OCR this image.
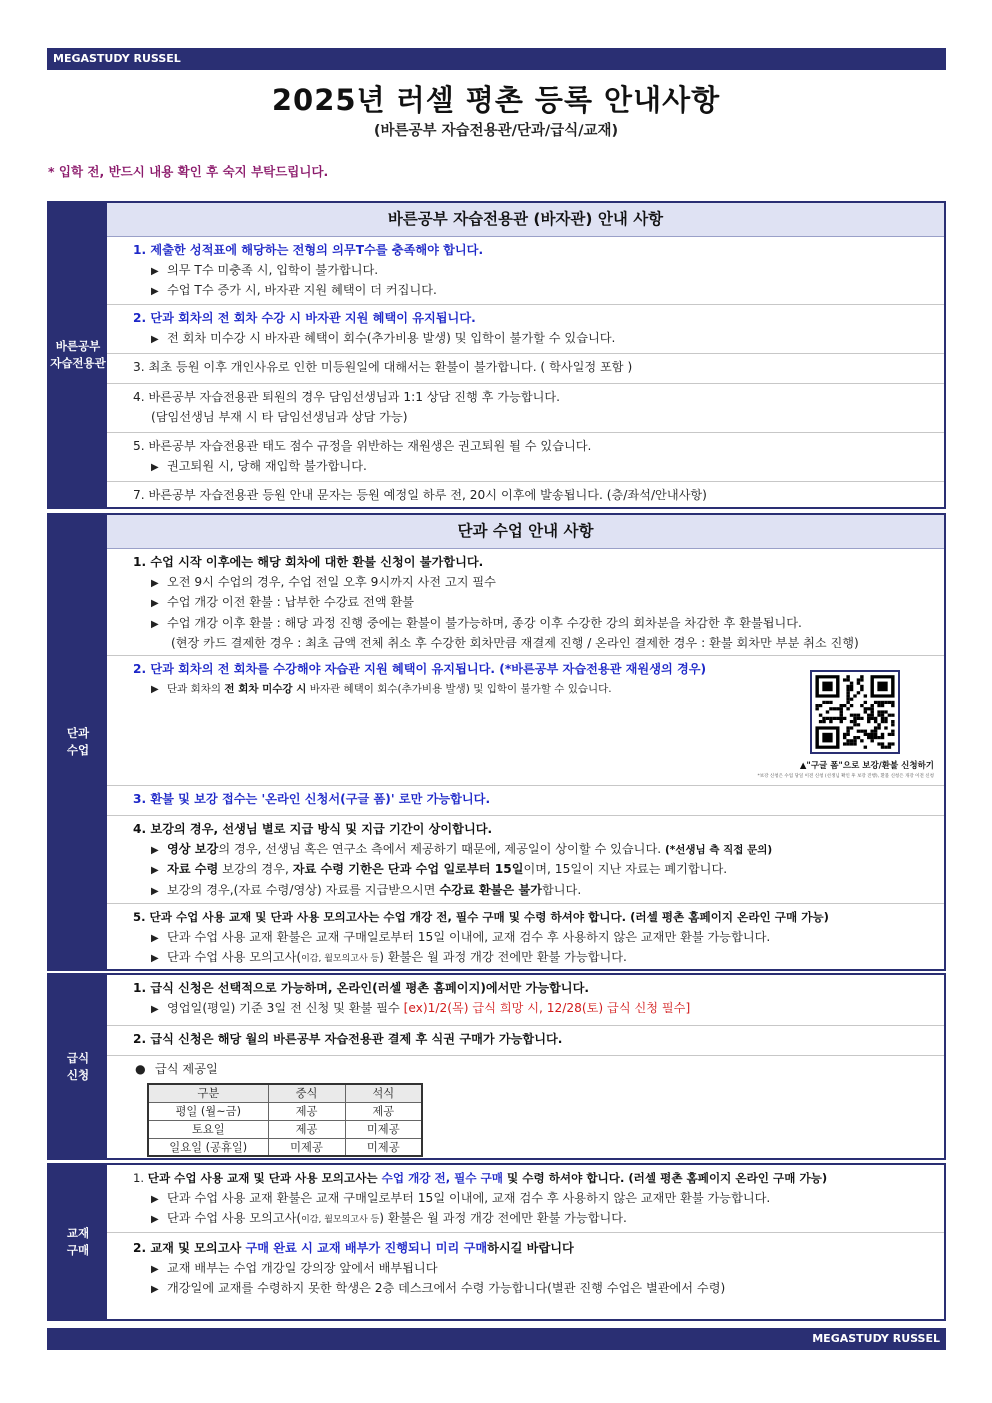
MEGASTUDY RUSSEL
2025년 러셀 평촌 등록 안내사항
(바른공부 자습전용관/단과/급식/교재)
* 입학 전, 반드시 내용 확인 후 숙지 부탁드립니다.
바른공부
자습전용관
바른공부 자습전용관 (바자관) 안내 사항
1. 제출한 성적표에 해당하는 전형의 의무T수를 충족해야 합니다.
▶ 의무 T수 미충족 시, 입학이 불가합니다.
▶ 수업 T수 증가 시, 바자관 지원 혜택이 더 커집니다.
2. 단과 회차의 전 회차 수강 시 바자관 지원 혜택이 유지됩니다.
▶ 전 회차 미수강 시 바자관 혜택이 회수(추가비용 발생) 및 입학이 불가할 수 있습니다.
3. 최초 등원 이후 개인사유로 인한 미등원일에 대해서는 환불이 불가합니다. ( 학사일정 포함 )
4. 바른공부 자습전용관 퇴원의 경우 담임선생님과 1:1 상담 진행 후 가능합니다.
(담임선생님 부재 시 타 담임선생님과 상담 가능)
5. 바른공부 자습전용관 태도 점수 규정을 위반하는 재원생은 권고퇴원 될 수 있습니다.
▶ 권고퇴원 시, 당해 재입학 불가합니다.
7. 바른공부 자습전용관 등원 안내 문자는 등원 예정일 하루 전, 20시 이후에 발송됩니다. (층/좌석/안내사항)
단과
수업
단과 수업 안내 사항
1. 수업 시작 이후에는 해당 회차에 대한 환불 신청이 불가합니다.
▶ 오전 9시 수업의 경우, 수업 전일 오후 9시까지 사전 고지 필수
▶ 수업 개강 이전 환불 : 납부한 수강료 전액 환불
▶ 수업 개강 이후 환불 : 해당 과정 진행 중에는 환불이 불가능하며, 종강 이후 수강한 강의 회차분을 차감한 후 환불됩니다.
(현장 카드 결제한 경우 : 최초 금액 전체 취소 후 수강한 회차만큼 재결제 진행 / 온라인 결제한 경우 : 환불 회차만 부분 취소 진행)
2. 단과 회차의 전 회차를 수강해야 자습관 지원 혜택이 유지됩니다. (*바른공부 자습전용관 재원생의 경우)
▶ 단과 회차의 전 회차 미수강 시 바자관 혜택이 회수(추가비용 발생) 및 입학이 불가할 수 있습니다.
▲"구글 폼"으로 보강/환불 신청하기
*보강 신청은 수업 당일 이전 신청 (선생님 확인 후 보강 진행), 환불 신청은 개강 이전 신청
3. 환불 및 보강 접수는 '온라인 신청서(구글 폼)' 로만 가능합니다.
4. 보강의 경우, 선생님 별로 지급 방식 및 지급 기간이 상이합니다.
▶ 영상 보강의 경우, 선생님 혹은 연구소 측에서 제공하기 때문에, 제공일이 상이할 수 있습니다. (*선생님 측 직접 문의)
▶ 자료 수령 보강의 경우, 자료 수령 기한은 단과 수업 일로부터 15일이며, 15일이 지난 자료는 폐기합니다.
▶ 보강의 경우,(자료 수령/영상) 자료를 지급받으시면 수강료 환불은 불가합니다.
5. 단과 수업 사용 교재 및 단과 사용 모의고사는 수업 개강 전, 필수 구매 및 수령 하셔야 합니다. (러셀 평촌 홈페이지 온라인 구매 가능)
▶ 단과 수업 사용 교재 환불은 교재 구매일로부터 15일 이내에, 교재 검수 후 사용하지 않은 교재만 환불 가능합니다.
▶ 단과 수업 사용 모의고사(이감, 월모의고사 등) 환불은 월 과정 개강 전에만 환불 가능합니다.
급식
신청
1. 급식 신청은 선택적으로 가능하며, 온라인(러셀 평촌 홈페이지)에서만 가능합니다.
▶ 영업일(평일) 기준 3일 전 신청 및 환불 필수 [ex)1/2(목) 급식 희망 시, 12/28(토) 급식 신청 필수]
2. 급식 신청은 해당 월의 바른공부 자습전용관 결제 후 식권 구매가 가능합니다.
● 급식 제공일
구분	중식	석식
평일 (월~금)	제공	제공
토요일	제공	미제공
일요일 (공휴일)	미제공	미제공
교재
구매
1. 단과 수업 사용 교재 및 단과 사용 모의고사는 수업 개강 전, 필수 구매 및 수령 하셔야 합니다. (러셀 평촌 홈페이지 온라인 구매 가능)
▶ 단과 수업 사용 교재 환불은 교재 구매일로부터 15일 이내에, 교재 검수 후 사용하지 않은 교재만 환불 가능합니다.
▶ 단과 수업 사용 모의고사(이감, 월모의고사 등) 환불은 월 과정 개강 전에만 환불 가능합니다.
2. 교재 및 모의고사 구매 완료 시 교재 배부가 진행되니 미리 구매하시길 바랍니다
▶ 교재 배부는 수업 개강일 강의장 앞에서 배부됩니다
▶ 개강일에 교재를 수령하지 못한 학생은 2층 데스크에서 수령 가능합니다(별관 진행 수업은 별관에서 수령)
MEGASTUDY RUSSEL
